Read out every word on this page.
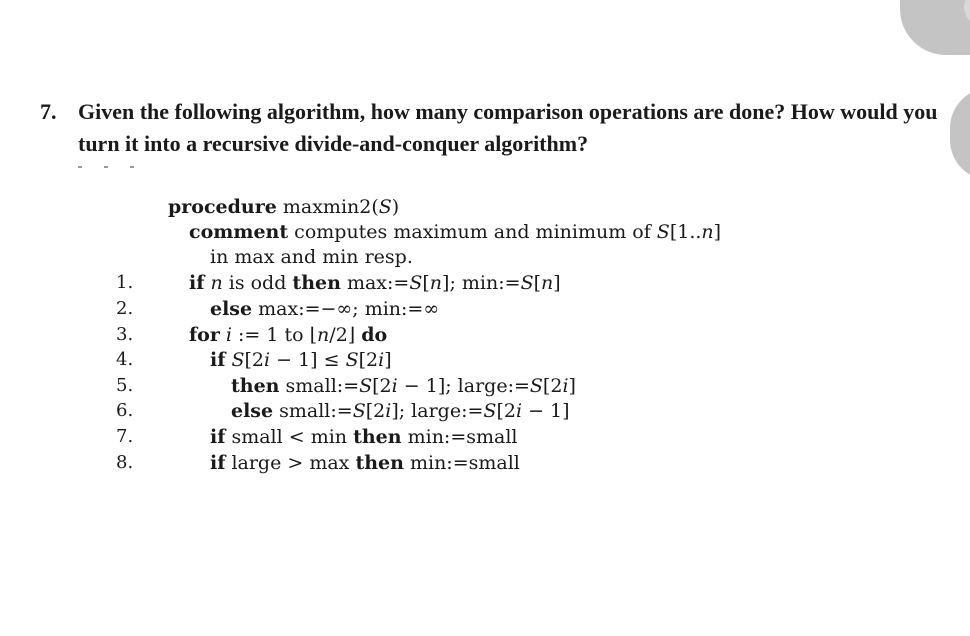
7. Given the following algorithm, how many comparison operations are done? How would you turn it into a recursive divide-and-conquer algorithm?
procedure maxmin2(S)
comment computes maximum and minimum of S[1..n]
in max and min resp.
1.	if n is odd then max:=S[n]; min:=S[n]
2.	else max:=−∞; min:=∞
3.	for i := 1 to ⌊n/2⌋ do
4.	if S[2i − 1] ≤ S[2i]
5.	then small:=S[2i − 1]; large:=S[2i]
6.	else small:=S[2i]; large:=S[2i − 1]
7.	if small < min then min:=small
8.	if large > max then min:=small
